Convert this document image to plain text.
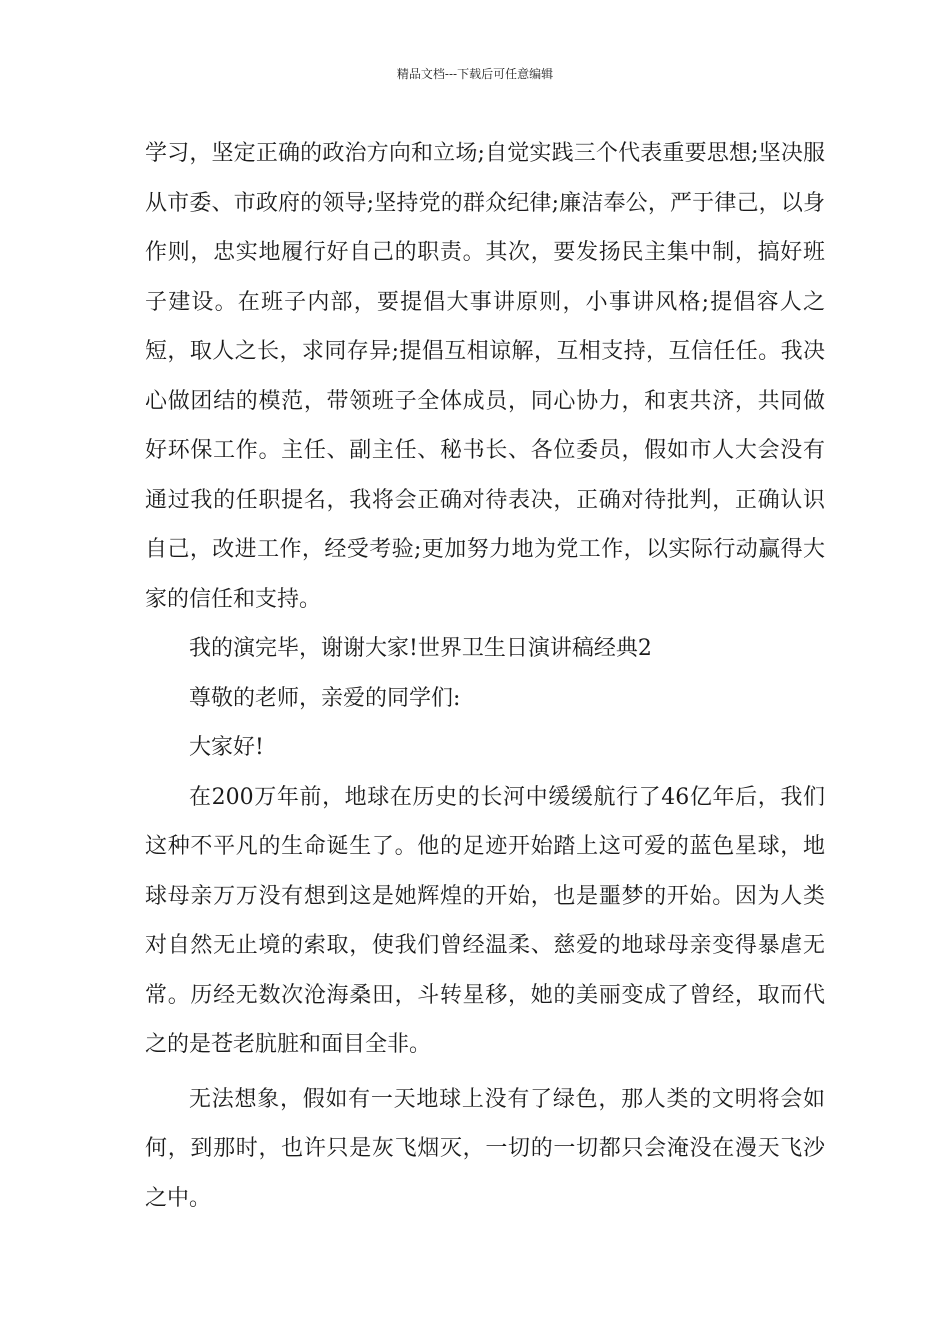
精品文档---下载后可任意编辑

学习，坚定正确的政治方向和立场;自觉实践三个代表重要思想;坚决服从市委、市政府的领导;坚持党的群众纪律;廉洁奉公，严于律己，以身作则，忠实地履行好自己的职责。其次，要发扬民主集中制，搞好班子建设。在班子内部，要提倡大事讲原则，小事讲风格;提倡容人之短，取人之长，求同存异;提倡互相谅解，互相支持，互信任任。我决心做团结的模范，带领班子全体成员，同心协力，和衷共济，共同做好环保工作。主任、副主任、秘书长、各位委员，假如市人大会没有通过我的任职提名，我将会正确对待表决，正确对待批判，正确认识自己，改进工作，经受考验;更加努力地为党工作，以实际行动赢得大家的信任和支持。

我的演完毕，谢谢大家!世界卫生日演讲稿经典2

尊敬的老师，亲爱的同学们:

大家好!

在200万年前，地球在历史的长河中缓缓航行了46亿年后，我们这种不平凡的生命诞生了。他的足迹开始踏上这可爱的蓝色星球，地球母亲万万没有想到这是她辉煌的开始，也是噩梦的开始。因为人类对自然无止境的索取，使我们曾经温柔、慈爱的地球母亲变得暴虐无常。历经无数次沧海桑田，斗转星移，她的美丽变成了曾经，取而代之的是苍老肮脏和面目全非。

无法想象，假如有一天地球上没有了绿色，那人类的文明将会如何，到那时，也许只是灰飞烟灭，一切的一切都只会淹没在漫天飞沙之中。
